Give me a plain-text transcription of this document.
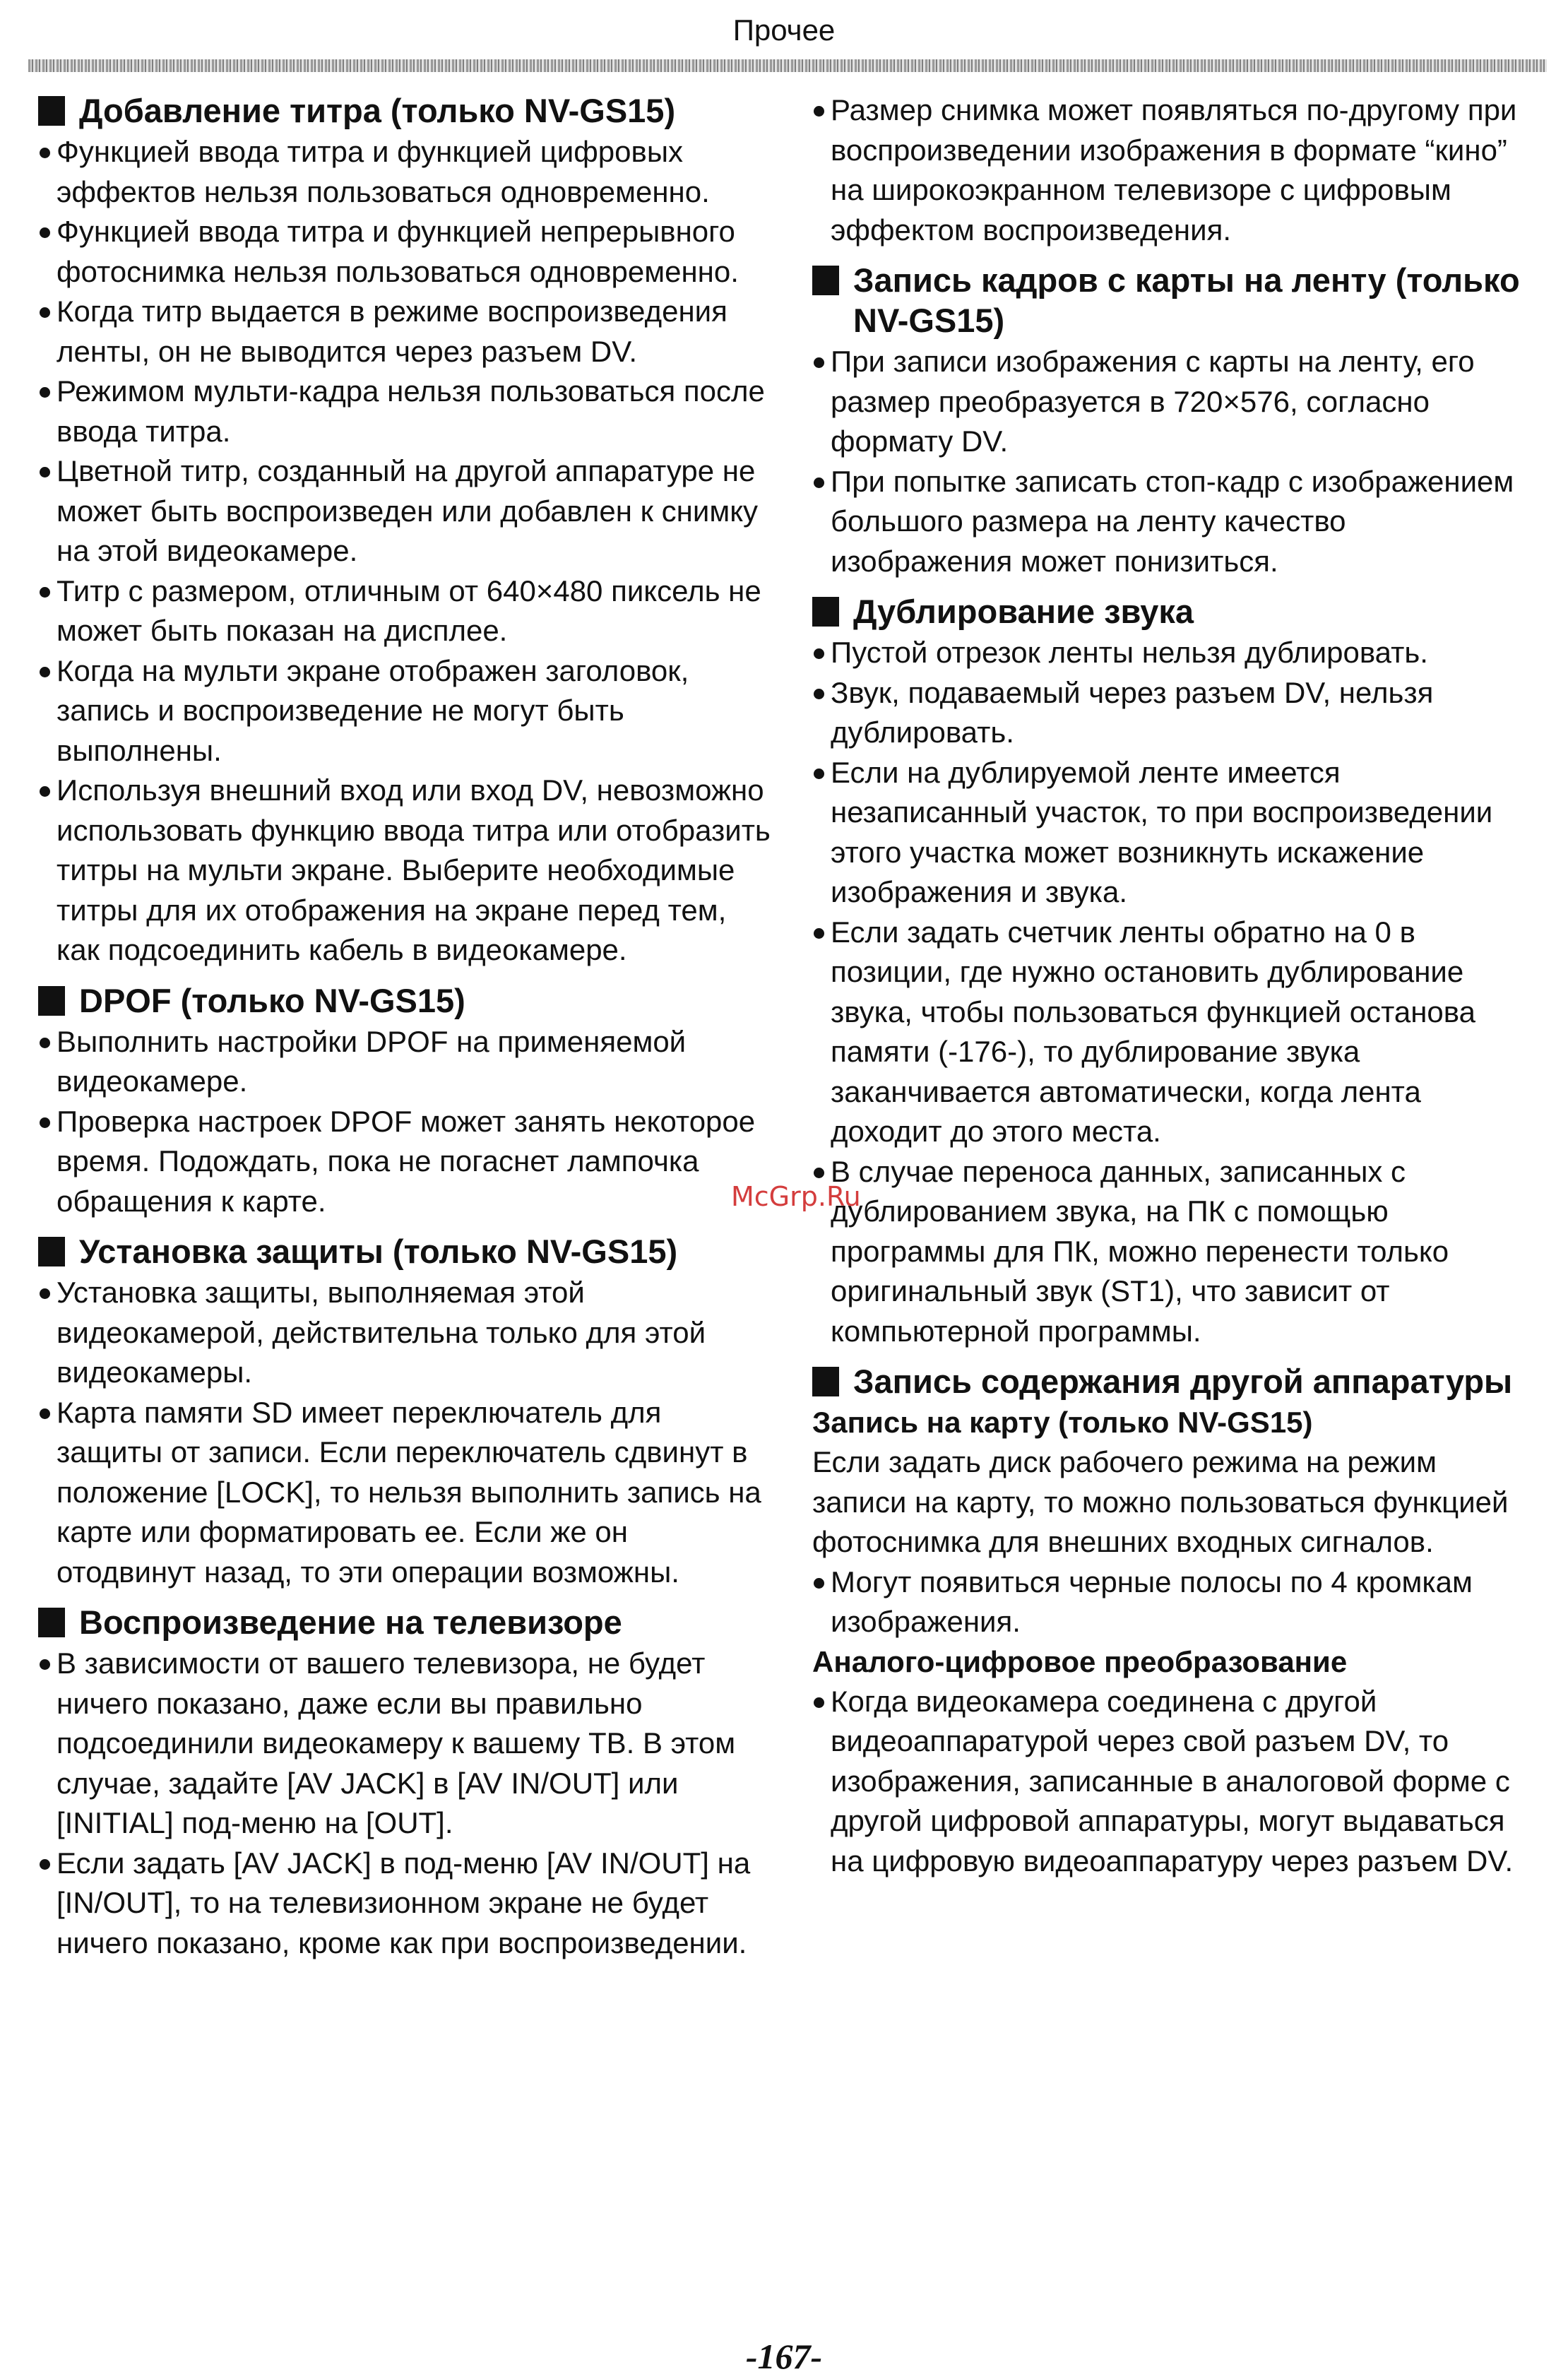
Прочее
Добавление титра (только NV-GS15)
Функцией ввода титра и функцией цифровых эффектов нельзя пользоваться одновременно.
Функцией ввода титра и функцией непрерывного фотоснимка нельзя пользоваться одновременно.
Когда титр выдается в режиме воспроизведения ленты, он не выводится через разъем DV.
Режимом мульти-кадра нельзя пользоваться после ввода титра.
Цветной титр, созданный на другой аппаратуре не может быть воспроизведен или добавлен к снимку на этой видеокамере.
Титр с размером, отличным от 640×480 пиксель не может быть показан на дисплее.
Когда на мульти экране отображен заголовок, запись и воспроизведение не могут быть выполнены.
Используя внешний вход или вход DV, невозможно использовать функцию ввода титра или отобразить титры на мульти экране. Выберите необходимые титры для их отображения на экране перед тем, как подсоединить кабель в видеокамере.
DPOF (только NV-GS15)
Выполнить настройки DPOF на применяемой видеокамере.
Проверка настроек DPOF может занять некоторое время. Подождать, пока не погаснет лампочка обращения к карте.
Установка защиты (только NV-GS15)
Установка защиты, выполняемая этой видеокамерой, действительна только для этой видеокамеры.
Карта памяти SD имеет переключатель для защиты от записи. Если переключатель сдвинут в положение [LOCK], то нельзя выполнить запись на карте или форматировать ее. Если же он отодвинут назад, то эти операции возможны.
Воспроизведение на телевизоре
В зависимости от вашего телевизора, не будет ничего показано, даже если вы правильно подсоединили видеокамеру к вашему ТВ. В этом случае, задайте [AV JACK] в [AV IN/OUT] или [INITIAL] под-меню на [OUT].
Если задать [AV JACK] в под-меню [AV IN/OUT] на [IN/OUT], то на телевизионном экране не будет ничего показано, кроме как при воспроизведении.
Размер снимка может появляться по-другому при воспроизведении изображения в формате “кино” на широкоэкранном телевизоре с цифровым эффектом воспроизведения.
Запись кадров с карты на ленту (только NV-GS15)
При записи изображения с карты на ленту, его размер преобразуется в 720×576, согласно формату DV.
При попытке записать стоп-кадр с изображением большого размера на ленту качество изображения может понизиться.
Дублирование звука
Пустой отрезок ленты нельзя дублировать.
Звук, подаваемый через разъем DV, нельзя дублировать.
Если на дублируемой ленте имеется незаписанный участок, то при воспроизведении этого участка может возникнуть искажение изображения и звука.
Если задать счетчик ленты обратно на 0 в позиции, где нужно остановить дублирование звука, чтобы пользоваться функцией останова памяти (-176-), то дублирование звука заканчивается автоматически, когда лента доходит до этого места.
В случае переноса данных, записанных с дублированием звука, на ПК с помощью программы для ПК, можно перенести только оригинальный звук (ST1), что зависит от компьютерной программы.
Запись содержания другой аппаратуры
Запись на карту (только NV-GS15)
Если задать диск рабочего режима на режим записи на карту, то можно пользоваться функцией фотоснимка для внешних входных сигналов.
Могут появиться черные полосы по 4 кромкам изображения.
Аналого-цифровое преобразование
Когда видеокамера соединена с другой видеоаппаратурой через свой разъем DV, то изображения, записанные в аналоговой форме с другой цифровой аппаратуры, могут выдаваться на цифровую видеоаппаратуру через разъем DV.
McGrp.Ru
-167-
